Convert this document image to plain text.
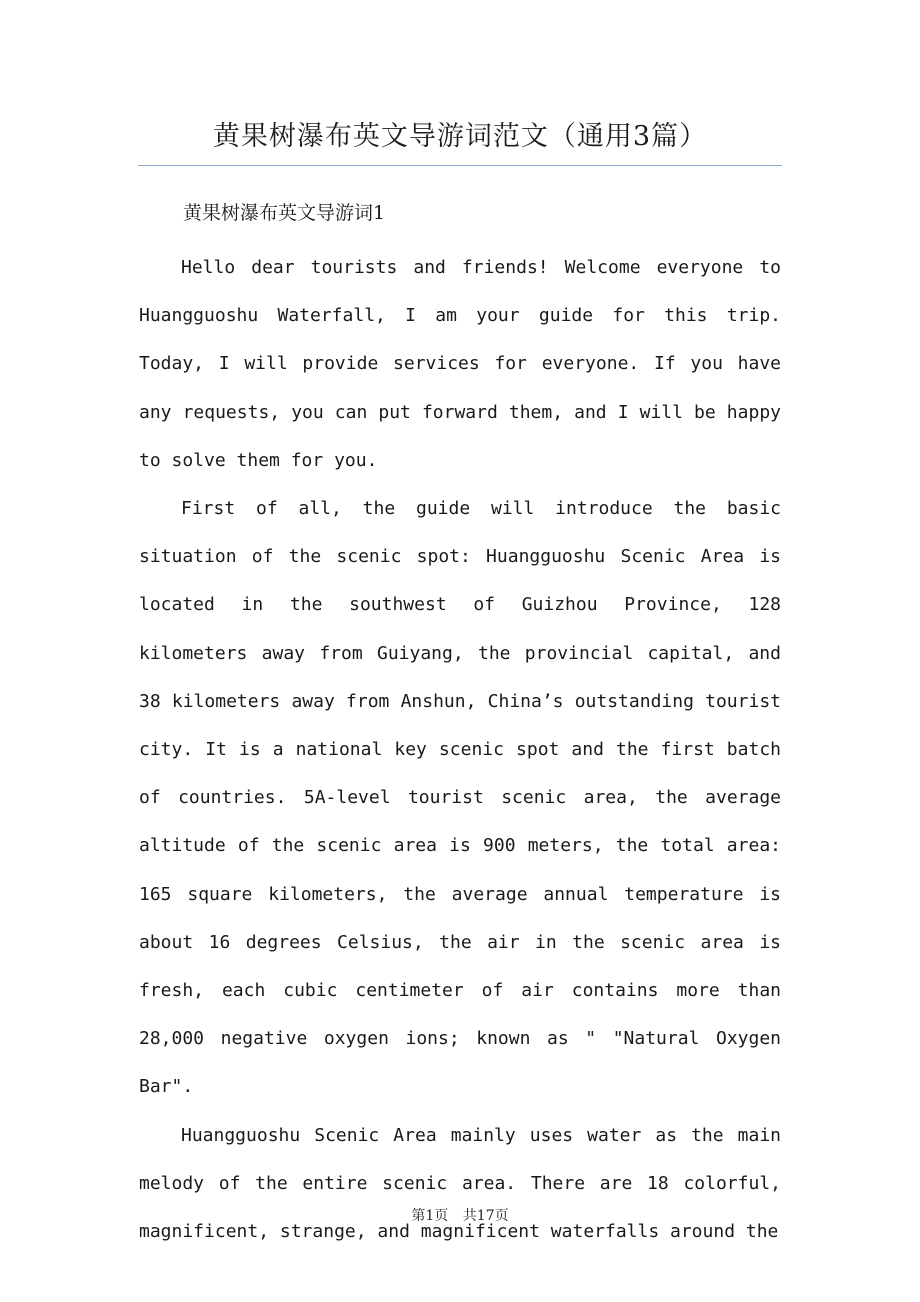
黄果树瀑布英文导游词范文（通用3篇）

黄果树瀑布英文导游词1

Hello dear tourists and friends! Welcome everyone to Huangguoshu Waterfall, I am your guide for this trip. Today, I will provide services for everyone. If you have any requests, you can put forward them, and I will be happy to solve them for you.

First of all, the guide will introduce the basic situation of the scenic spot: Huangguoshu Scenic Area is located in the southwest of Guizhou Province, 128 kilometers away from Guiyang, the provincial capital, and 38 kilometers away from Anshun, China’s outstanding tourist city. It is a national key scenic spot and the first batch of countries. 5A-level tourist scenic area, the average altitude of the scenic area is 900 meters, the total area: 165 square kilometers, the average annual temperature is about 16 degrees Celsius, the air in the scenic area is fresh, each cubic centimeter of air contains more than 28,000 negative oxygen ions; known as " "Natural Oxygen Bar".

Huangguoshu Scenic Area mainly uses water as the main melody of the entire scenic area. There are 18 colorful, magnificent, strange, and magnificent waterfalls around the

第1页 共17页
